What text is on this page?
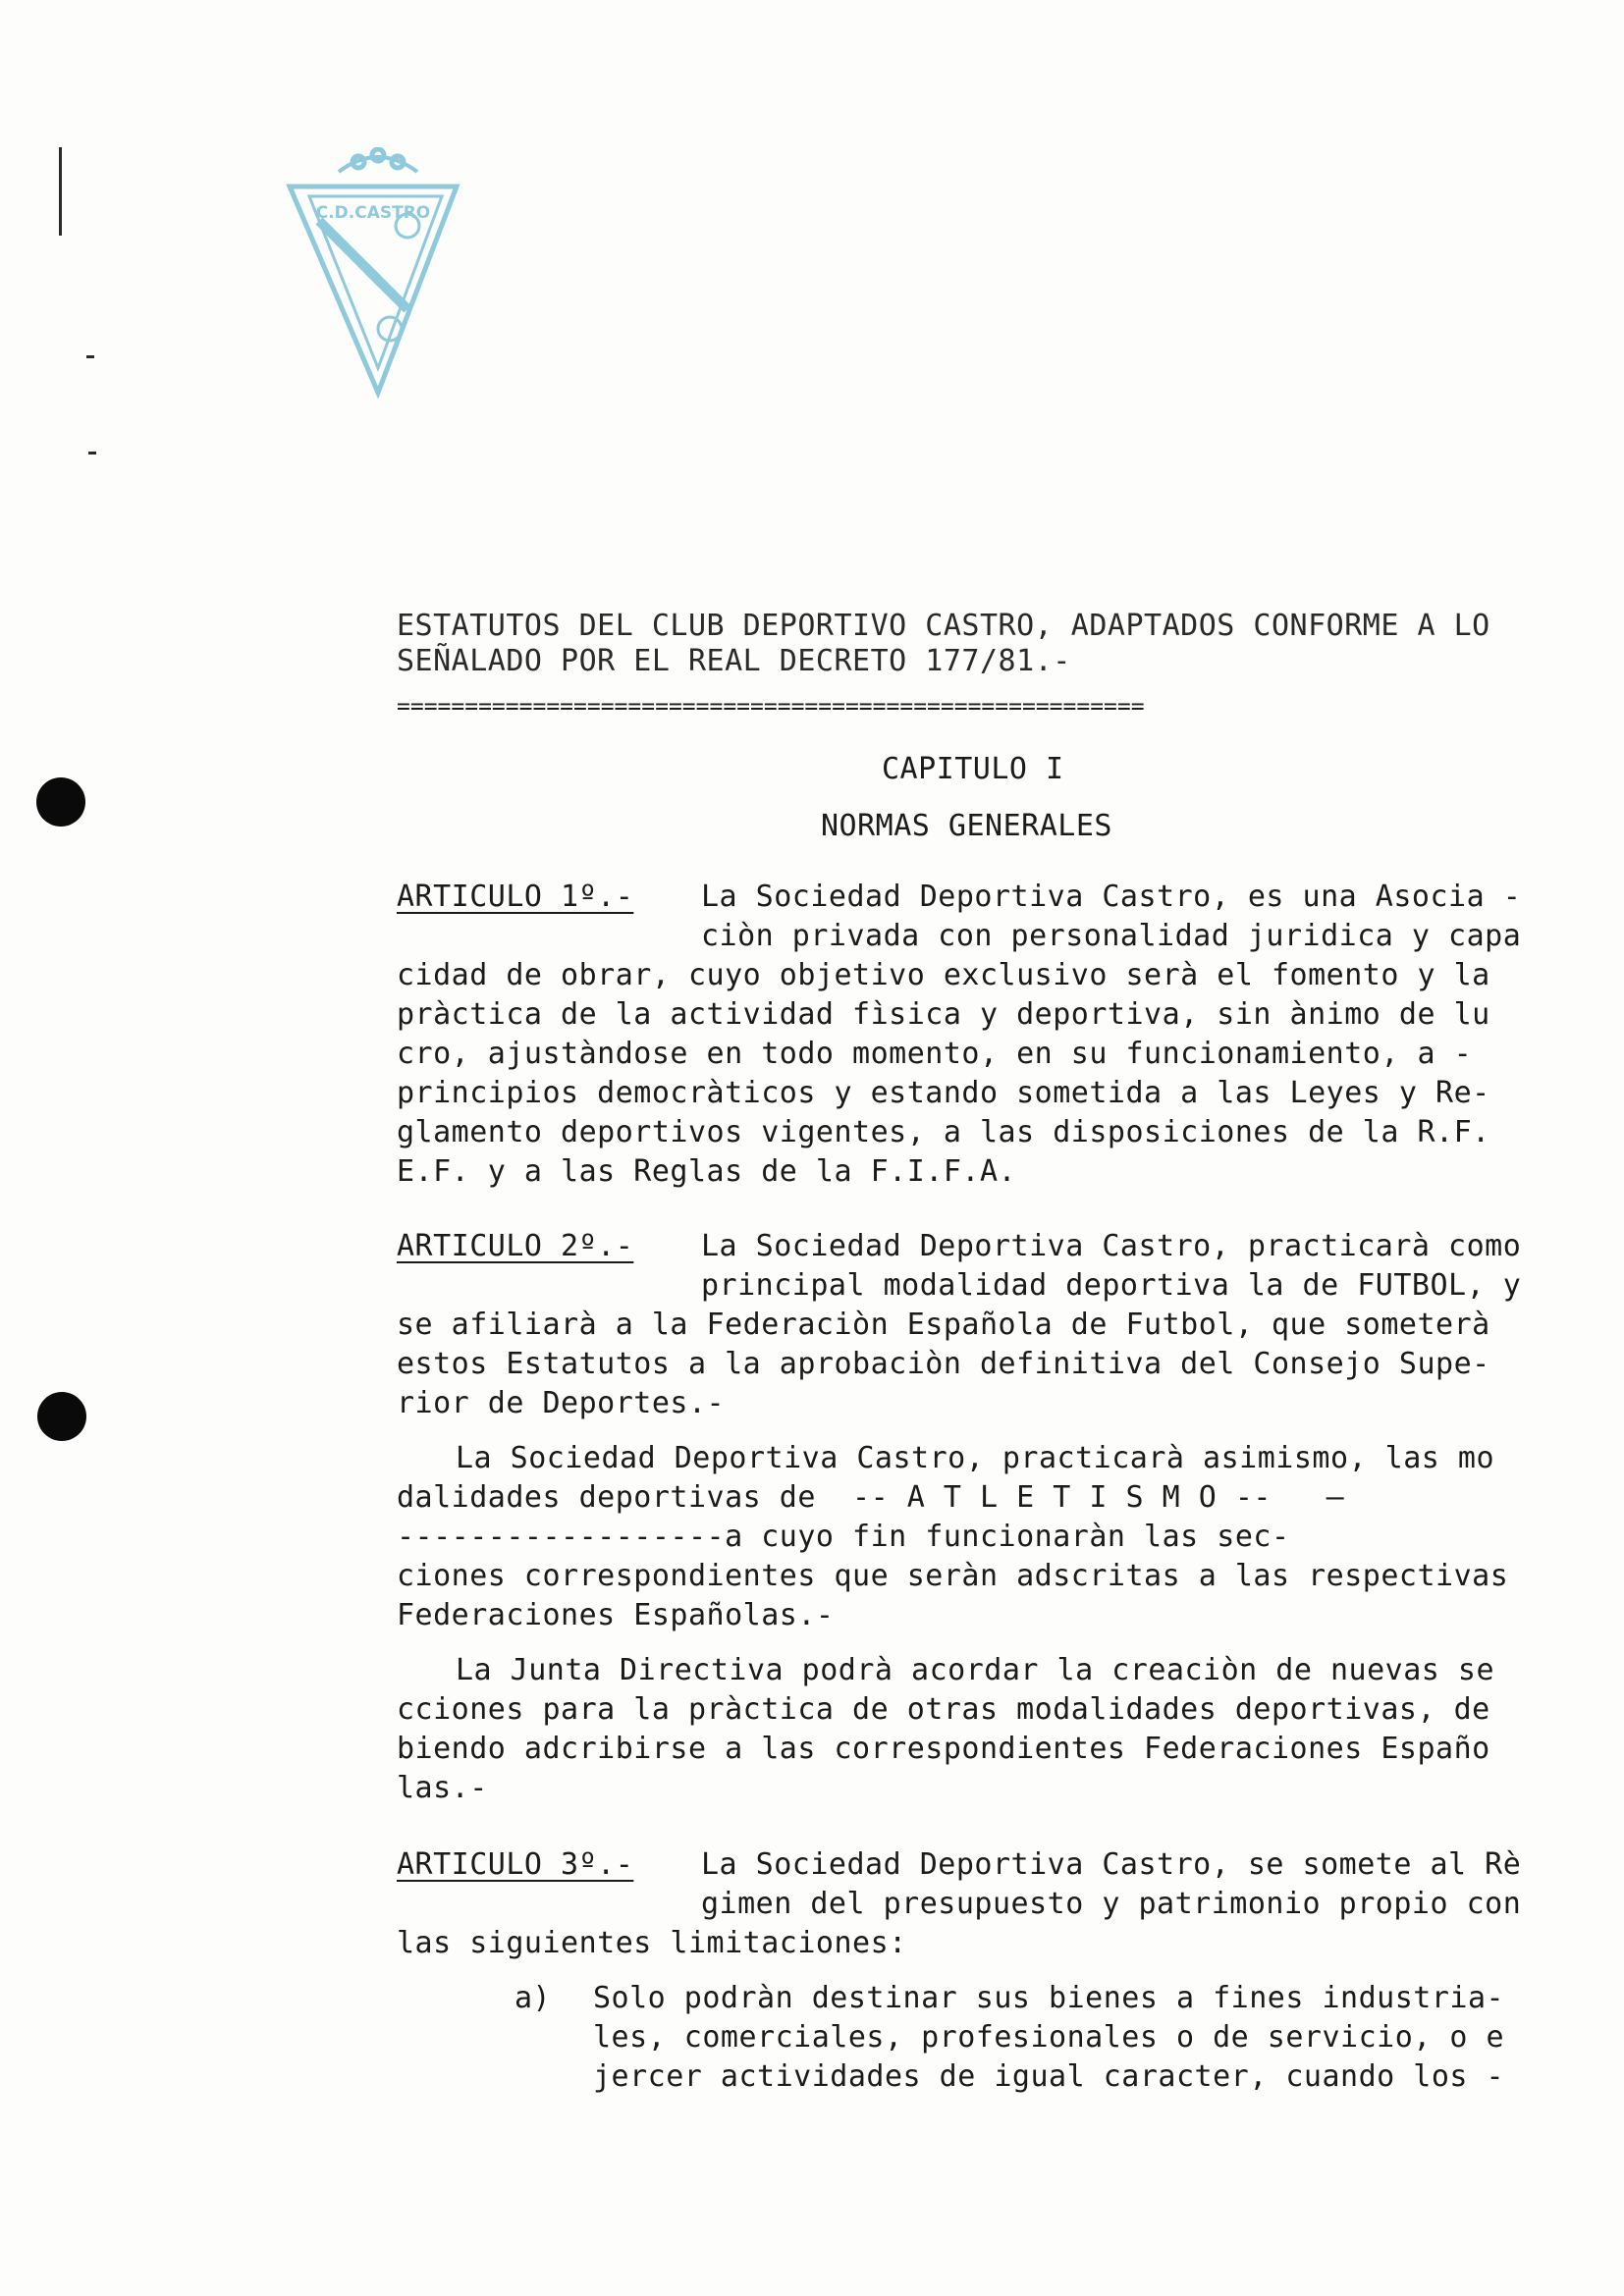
C.D.CASTRO

ESTATUTOS DEL CLUB DEPORTIVO CASTRO, ADAPTADOS CONFORME A LO

SEÑALADO POR EL REAL DECRETO 177/81.-

=======================================================

CAPITULO I

NORMAS GENERALES

ARTICULO 1º.-

La Sociedad Deportiva Castro, es una Asocia -

ciòn privada con personalidad juridica y capa

cidad de obrar, cuyo objetivo exclusivo serà el fomento y la

pràctica de la actividad fìsica y deportiva, sin ànimo de lu

cro, ajustàndose en todo momento, en su funcionamiento, a -

principios democràticos y estando sometida a las Leyes y Re-

glamento deportivos vigentes, a las disposiciones de la R.F.

E.F. y a las Reglas de la F.I.F.A.

ARTICULO 2º.-

La Sociedad Deportiva Castro, practicarà como

principal modalidad deportiva la de FUTBOL, y

se afiliarà a la Federaciòn Española de Futbol, que someterà

estos Estatutos a la aprobaciòn definitiva del Consejo Supe-

rior de Deportes.-

La Sociedad Deportiva Castro, practicarà asimismo, las mo

dalidades deportivas de  -- A T L E T I S M O --   —

------------------a cuyo fin funcionaràn las sec-

ciones correspondientes que seràn adscritas a las respectivas

Federaciones Españolas.-

La Junta Directiva podrà acordar la creaciòn de nuevas se

cciones para la pràctica de otras modalidades deportivas, de

biendo adcribirse a las correspondientes Federaciones Españo

las.-

ARTICULO 3º.-

La Sociedad Deportiva Castro, se somete al Rè

gimen del presupuesto y patrimonio propio con

las siguientes limitaciones:

a)

Solo podràn destinar sus bienes a fines industria-

les, comerciales, profesionales o de servicio, o e

jercer actividades de igual caracter, cuando los -
